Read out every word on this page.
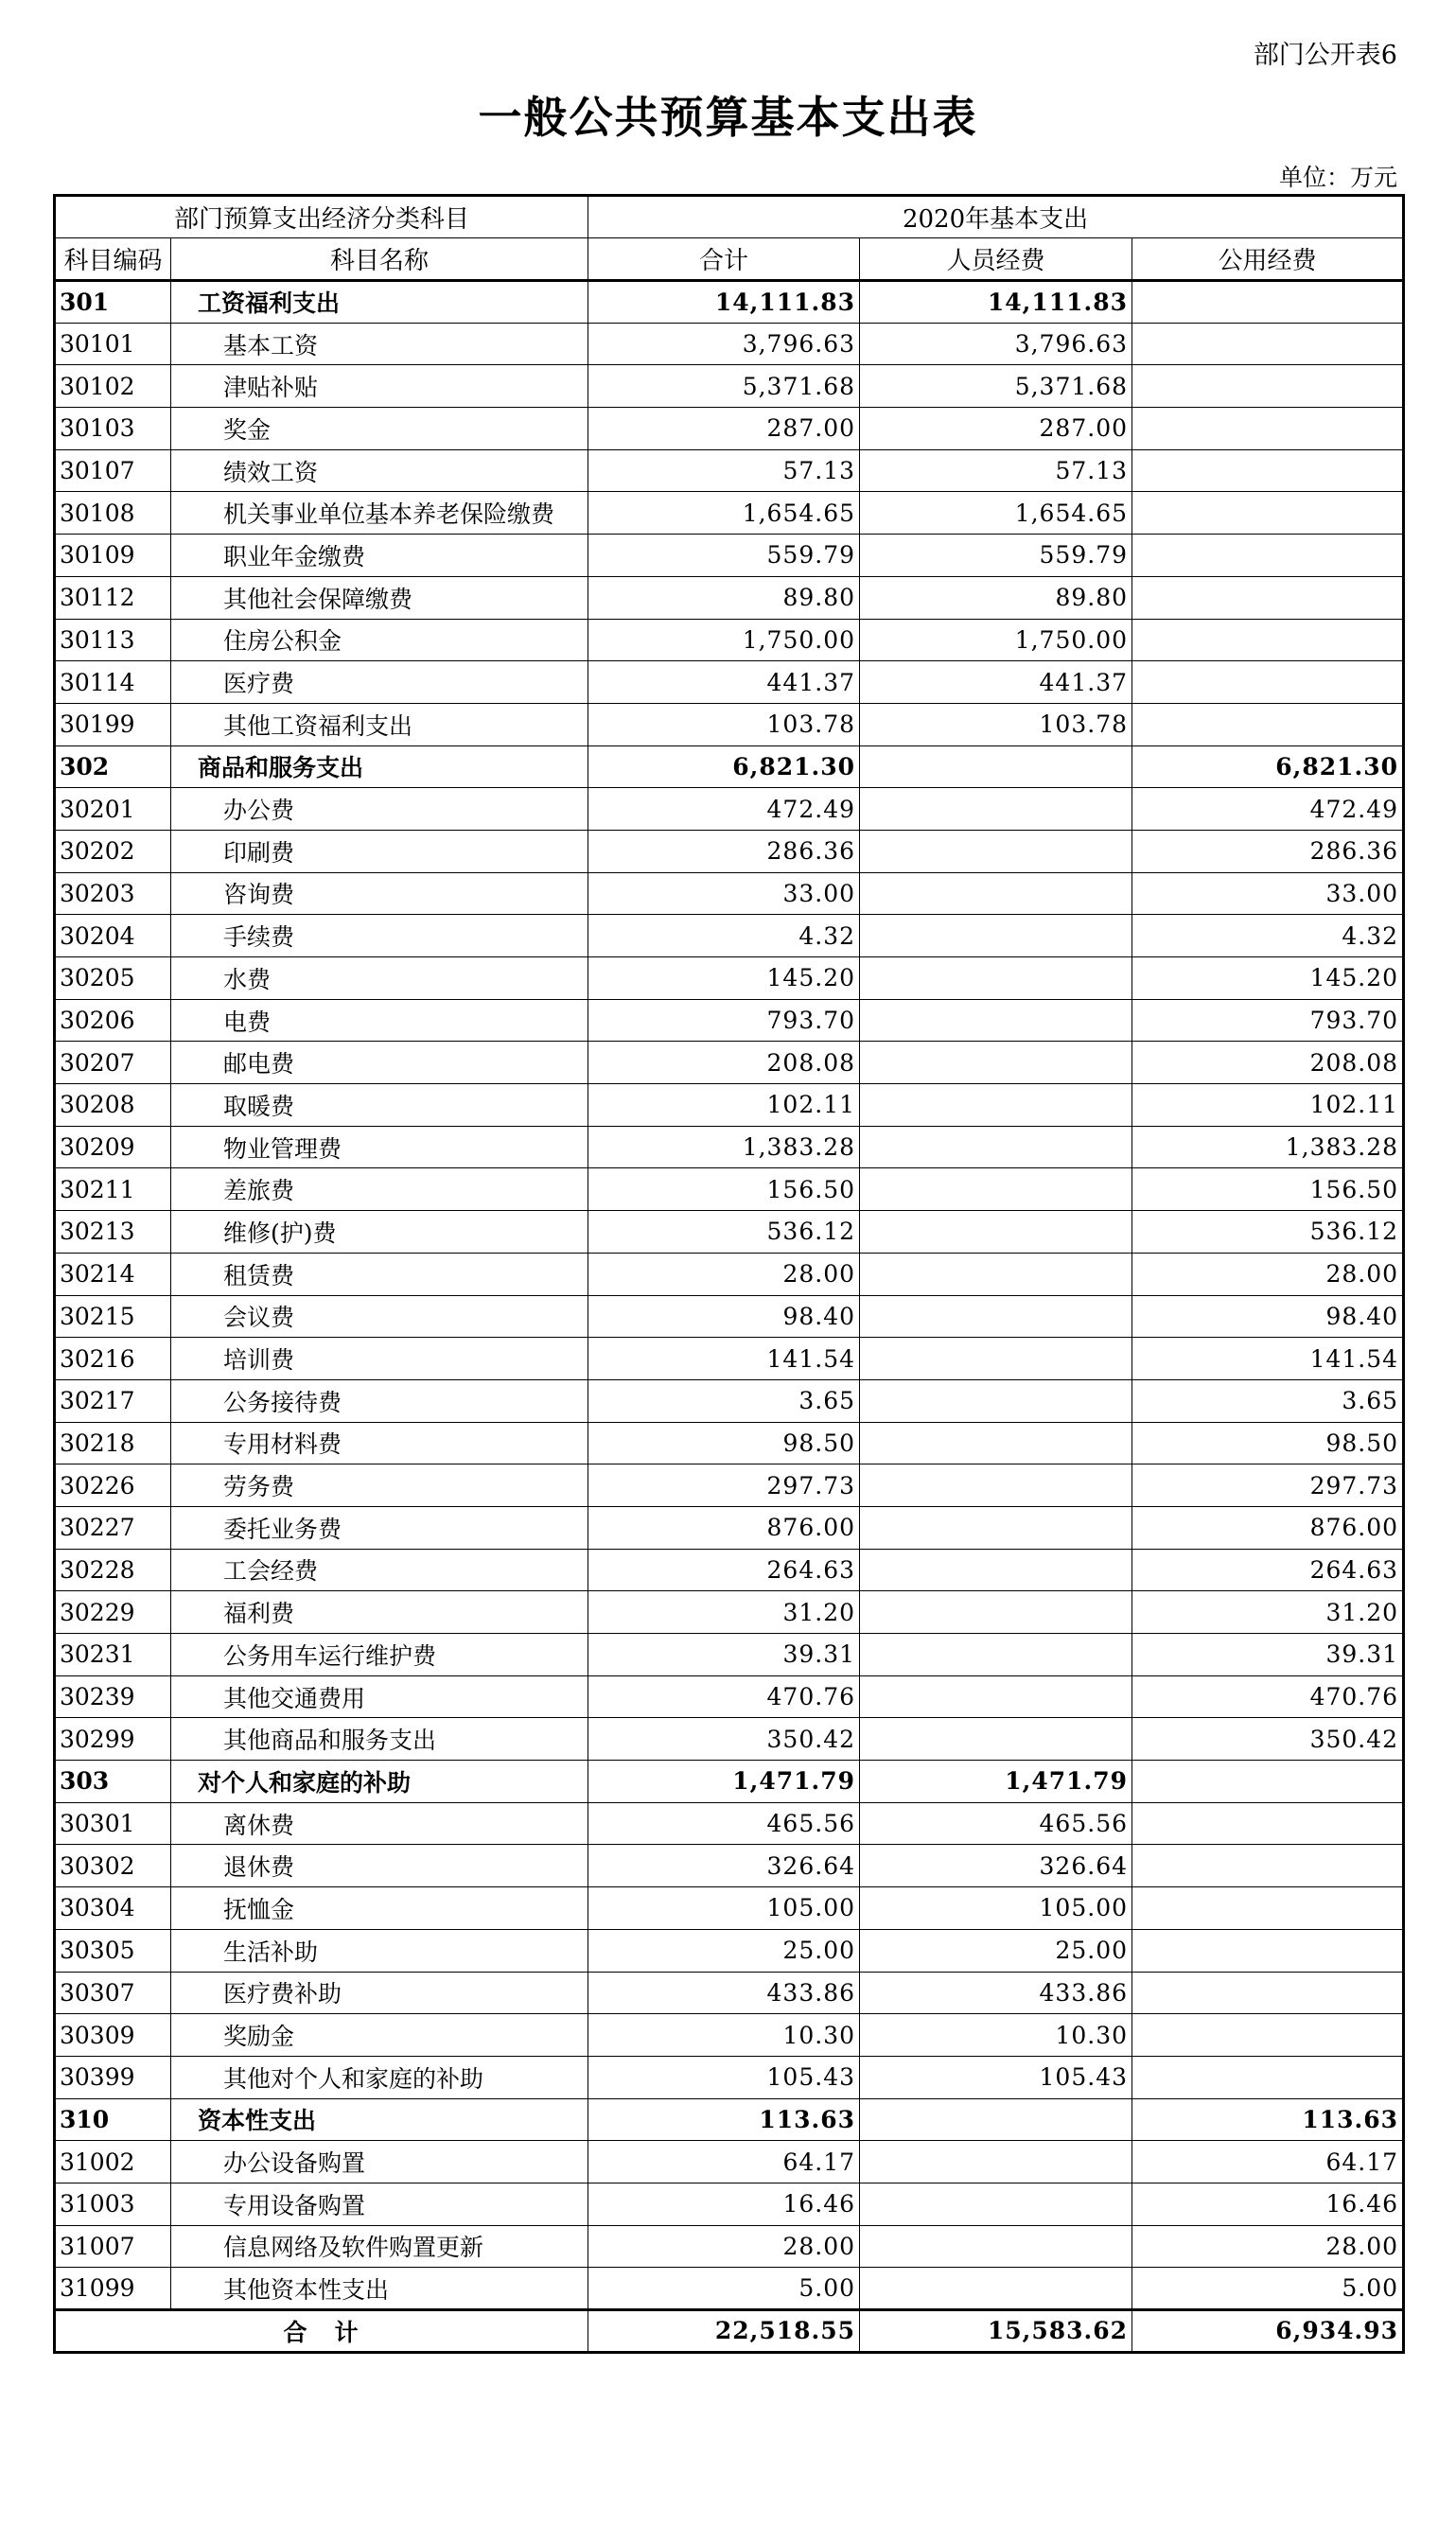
部门公开表6
一般公共预算基本支出表
单位：万元
部门预算支出经济分类科目		2020年基本支出		
科目编码	科目名称	合计	人员经费	公用经费
301	工资福利支出	14,111.83	14,111.83	
30101	基本工资	3,796.63	3,796.63	
30102	津贴补贴	5,371.68	5,371.68	
30103	奖金	287.00	287.00	
30107	绩效工资	57.13	57.13	
30108	机关事业单位基本养老保险缴费	1,654.65	1,654.65	
30109	职业年金缴费	559.79	559.79	
30112	其他社会保障缴费	89.80	89.80	
30113	住房公积金	1,750.00	1,750.00	
30114	医疗费	441.37	441.37	
30199	其他工资福利支出	103.78	103.78	
302	商品和服务支出	6,821.30		6,821.30
30201	办公费	472.49		472.49
30202	印刷费	286.36		286.36
30203	咨询费	33.00		33.00
30204	手续费	4.32		4.32
30205	水费	145.20		145.20
30206	电费	793.70		793.70
30207	邮电费	208.08		208.08
30208	取暖费	102.11		102.11
30209	物业管理费	1,383.28		1,383.28
30211	差旅费	156.50		156.50
30213	维修(护)费	536.12		536.12
30214	租赁费	28.00		28.00
30215	会议费	98.40		98.40
30216	培训费	141.54		141.54
30217	公务接待费	3.65		3.65
30218	专用材料费	98.50		98.50
30226	劳务费	297.73		297.73
30227	委托业务费	876.00		876.00
30228	工会经费	264.63		264.63
30229	福利费	31.20		31.20
30231	公务用车运行维护费	39.31		39.31
30239	其他交通费用	470.76		470.76
30299	其他商品和服务支出	350.42		350.42
303	对个人和家庭的补助	1,471.79	1,471.79	
30301	离休费	465.56	465.56	
30302	退休费	326.64	326.64	
30304	抚恤金	105.00	105.00	
30305	生活补助	25.00	25.00	
30307	医疗费补助	433.86	433.86	
30309	奖励金	10.30	10.30	
30399	其他对个人和家庭的补助	105.43	105.43	
310	资本性支出	113.63		113.63
31002	办公设备购置	64.17		64.17
31003	专用设备购置	16.46		16.46
31007	信息网络及软件购置更新	28.00		28.00
31099	其他资本性支出	5.00		5.00
合　计		22,518.55	15,583.62	6,934.93
